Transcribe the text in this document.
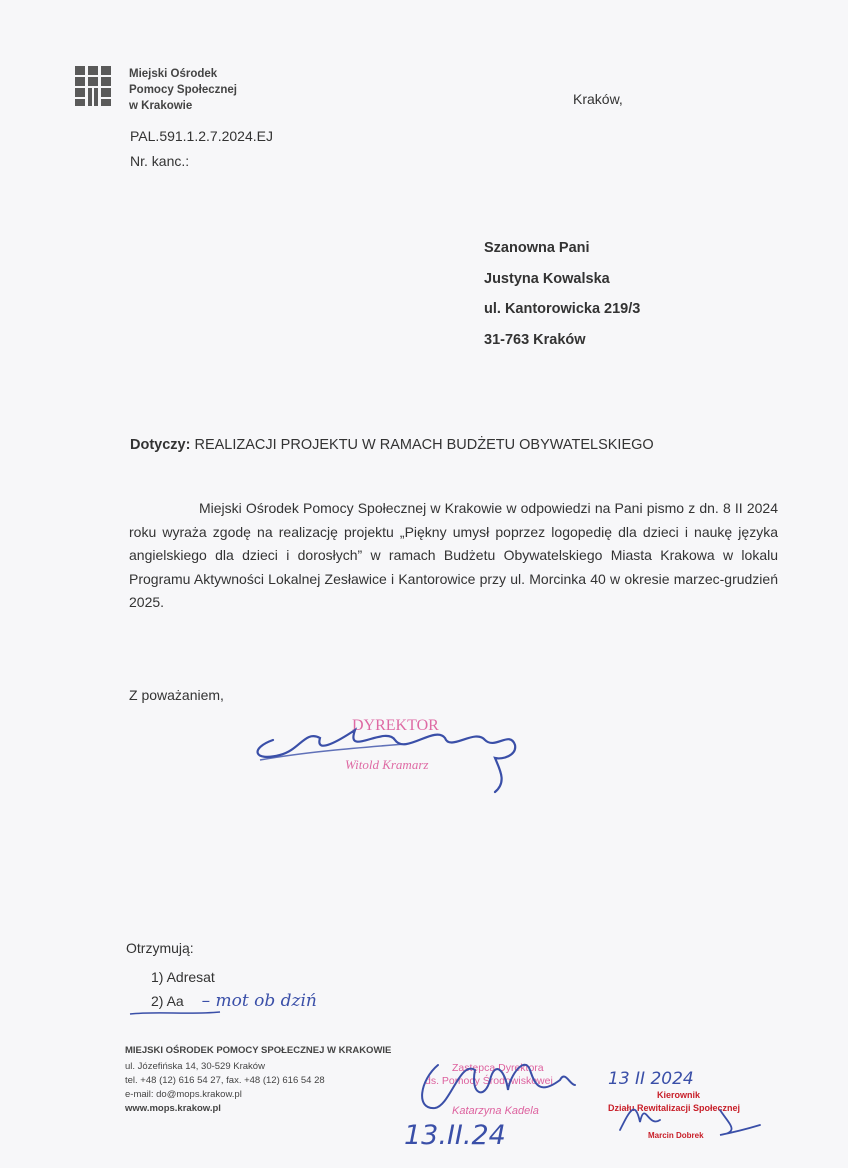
Miejski Ośrodek
Pomocy Społecznej
w Krakowie	Kraków,
PAL.591.1.2.7.2024.EJ
Nr. kanc.:
Szanowna Pani
Justyna Kowalska
ul. Kantorowicka 219/3
31-763 Kraków
Dotyczy: REALIZACJI PROJEKTU W RAMACH BUDŻETU OBYWATELSKIEGO
Miejski Ośrodek Pomocy Społecznej w Krakowie w odpowiedzi na Pani pismo z dn. 8 II 2024 roku wyraża zgodę na realizację projektu „Piękny umysł poprzez logopedię dla dzieci i naukę języka angielskiego dla dzieci i dorosłych” w ramach Budżetu Obywatelskiego Miasta Krakowa w lokalu Programu Aktywności Lokalnej Zesławice i Kantorowice przy ul. Morcinka 40 w okresie marzec-grudzień 2025.
Z poważaniem,
DYREKTOR
Witold Kramarz
Otrzymują:
1) Adresat
2) Aa – mot ob dziń
MIEJSKI OŚRODEK POMOCY SPOŁECZNEJ W KRAKOWIE
ul. Józefińska 14, 30-529 Kraków
tel. +48 (12) 616 54 27, fax. +48 (12) 616 54 28
e-mail: do@mops.krakow.pl
www.mops.krakow.pl
Zastępca Dyrektora
ds. Pomocy Środowiskowej
Katarzyna Kadela
13.II.24
13 II 2024
Kierownik
Działu Rewitalizacji Społecznej
Marcin Dobrek
